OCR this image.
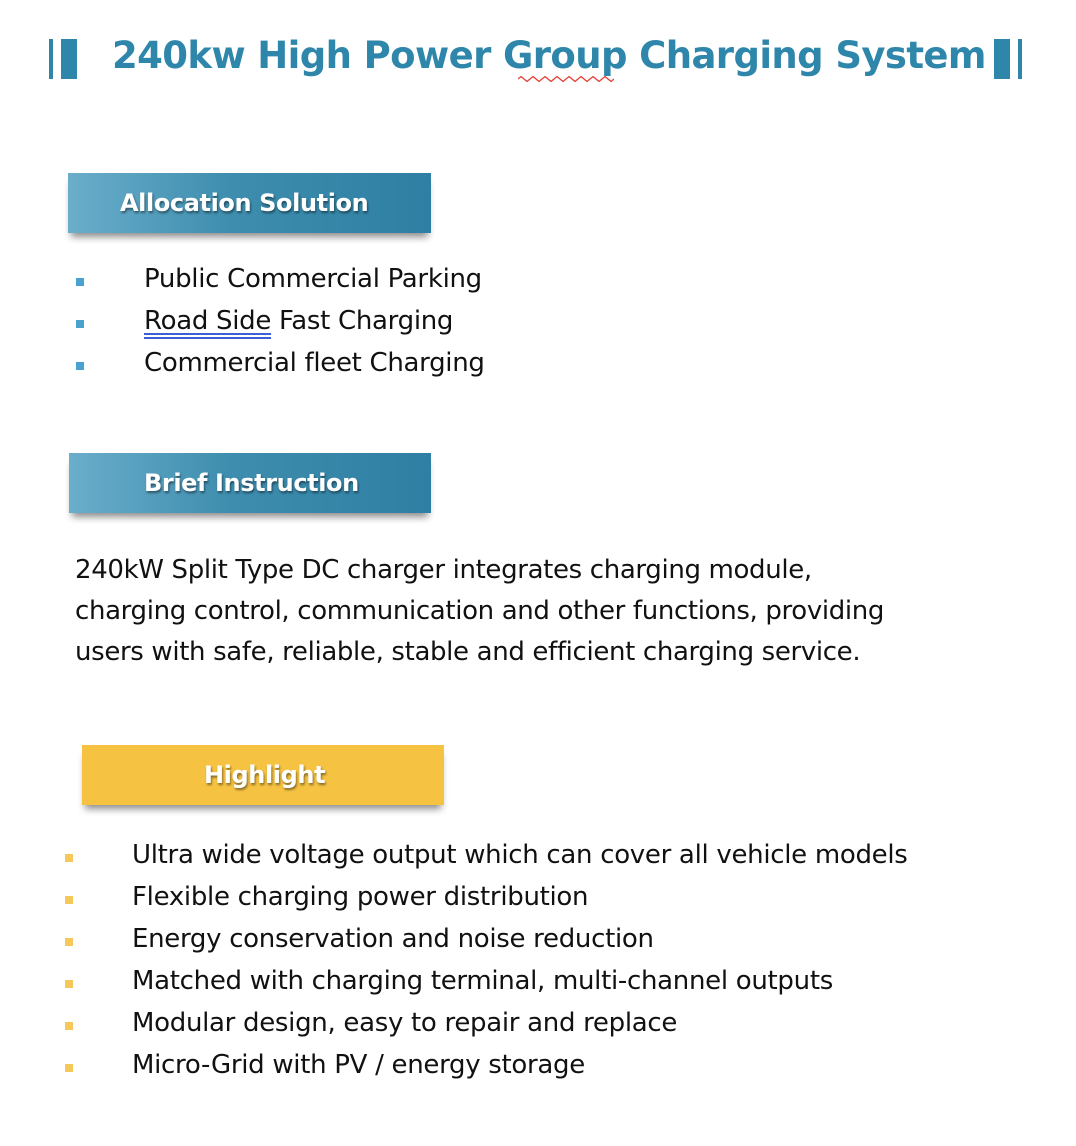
240kw High Power Group Charging System
Allocation Solution
Public Commercial Parking
Road Side Fast Charging
Commercial fleet Charging
Brief Instruction
240kW Split Type DC charger integrates charging module,
charging control, communication and other functions, providing
users with safe, reliable, stable and efficient charging service.
Highlight
Ultra wide voltage output which can cover all vehicle models
Flexible charging power distribution
Energy conservation and noise reduction
Matched with charging terminal, multi-channel outputs
Modular design, easy to repair and replace
Micro-Grid with PV / energy storage
